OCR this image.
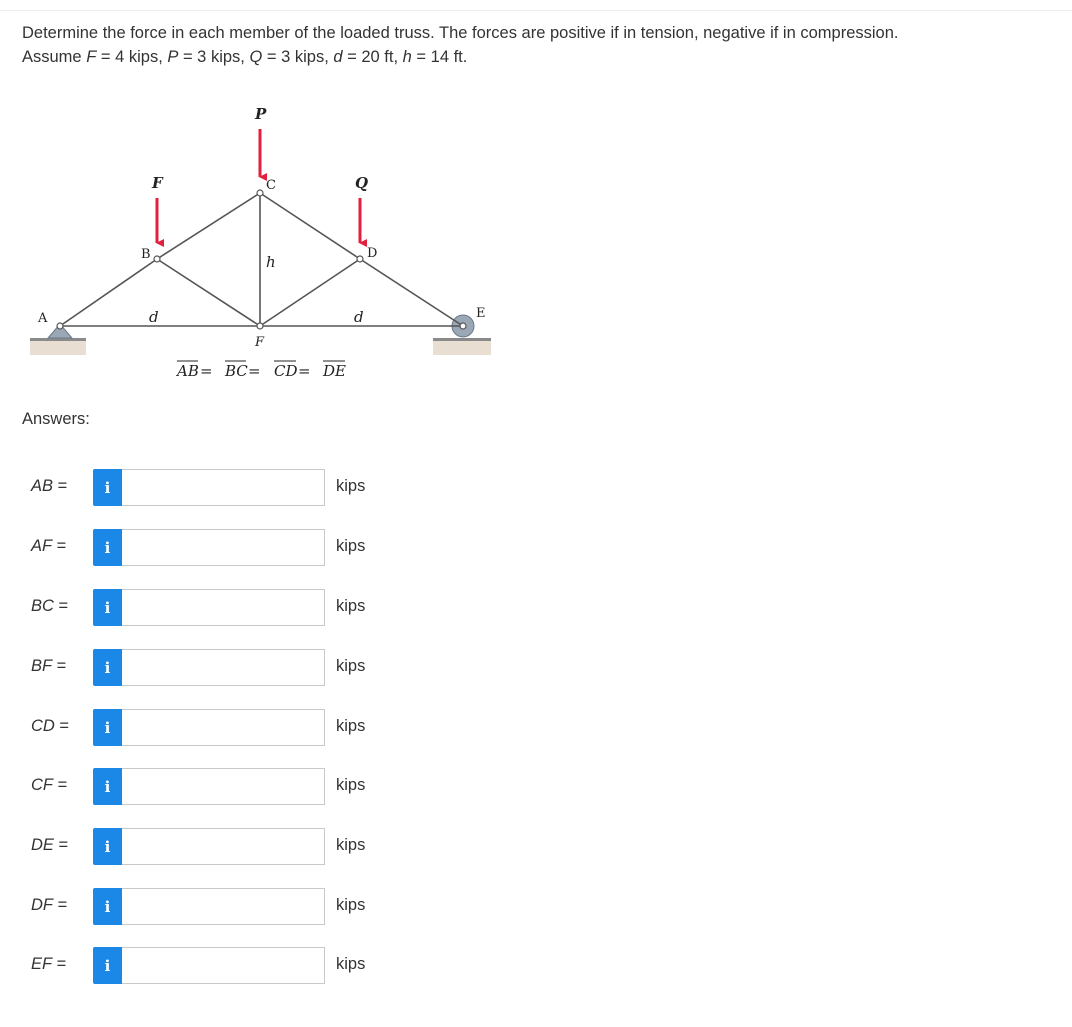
Determine the force in each member of the loaded truss. The forces are positive if in tension, negative if in compression.
Assume F = 4 kips, P = 3 kips, Q = 3 kips, d = 20 ft, h = 14 ft.
P
F	Q
A
B
C
D
E
F
h
d	d
AB = BC = CD = DE
Answers:
AB =	i	kips
AF =	i	kips
BC =	i	kips
BF =	i	kips
CD =	i	kips
CF =	i	kips
DE =	i	kips
DF =	i	kips
EF =	i	kips
